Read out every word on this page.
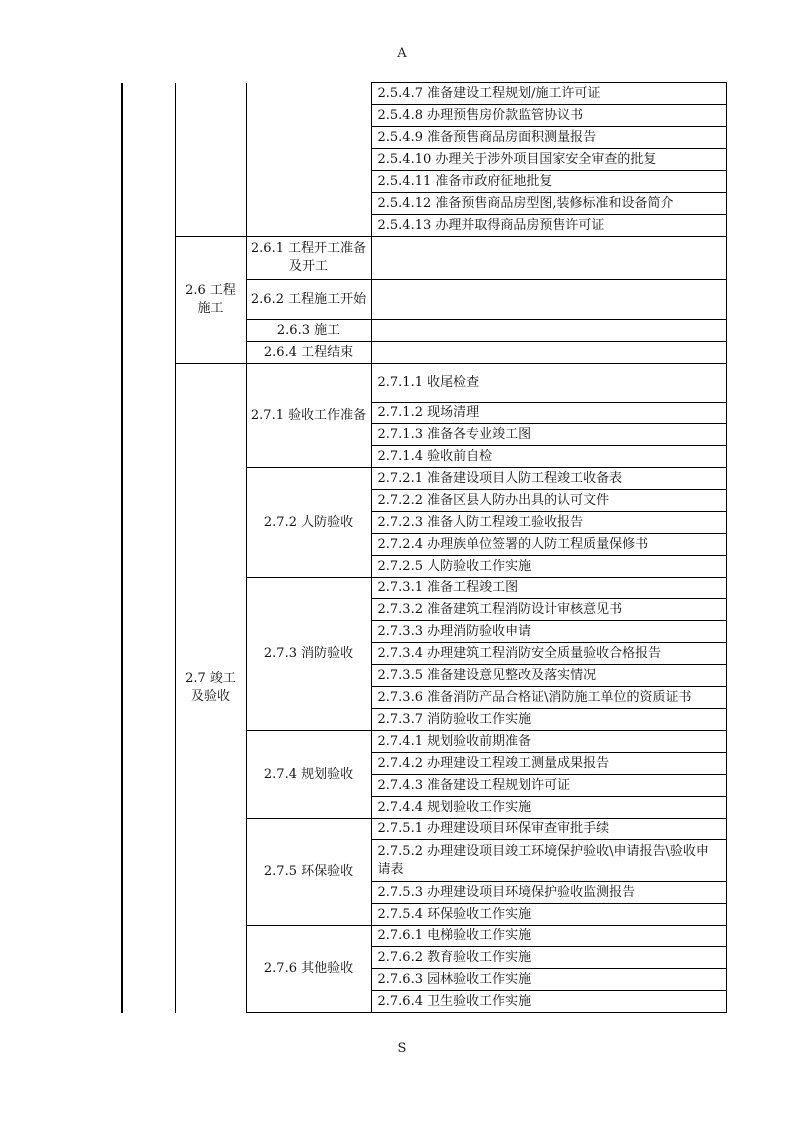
A
			2.5.4.7 准备建设工程规划/施工许可证
			2.5.4.8 办理预售房价款监管协议书
			2.5.4.9 准备预售商品房面积测量报告
			2.5.4.10 办理关于涉外项目国家安全审查的批复
			2.5.4.11 准备市政府征地批复
			2.5.4.12 准备预售商品房型图,装修标准和设备简介
			2.5.4.13 办理并取得商品房预售许可证
	2.6 工程施工	2.6.1 工程开工准备及开工	
		2.6.2 工程施工开始	
		2.6.3 施工	
		2.6.4 工程结束	
	2.7 竣工及验收	2.7.1 验收工作准备	2.7.1.1 收尾检查
			2.7.1.2 现场清理
			2.7.1.3 准备各专业竣工图
			2.7.1.4 验收前自检
		2.7.2 人防验收	2.7.2.1 准备建设项目人防工程竣工收备表
			2.7.2.2 准备区县人防办出具的认可文件
			2.7.2.3 准备人防工程竣工验收报告
			2.7.2.4 办理族单位签署的人防工程质量保修书
			2.7.2.5 人防验收工作实施
		2.7.3 消防验收	2.7.3.1 准备工程竣工图
			2.7.3.2 准备建筑工程消防设计审核意见书
			2.7.3.3 办理消防验收申请
			2.7.3.4 办理建筑工程消防安全质量验收合格报告
			2.7.3.5 准备建设意见整改及落实情况
			2.7.3.6 准备消防产品合格证\消防施工单位的资质证书
			2.7.3.7 消防验收工作实施
		2.7.4 规划验收	2.7.4.1 规划验收前期准备
			2.7.4.2 办理建设工程竣工测量成果报告
			2.7.4.3 准备建设工程规划许可证
			2.7.4.4 规划验收工作实施
		2.7.5 环保验收	2.7.5.1 办理建设项目环保审查审批手续
			2.7.5.2 办理建设项目竣工环境保护验收\申请报告\验收申请表
			2.7.5.3 办理建设项目环境保护验收监测报告
			2.7.5.4 环保验收工作实施
		2.7.6 其他验收	2.7.6.1 电梯验收工作实施
			2.7.6.2 教育验收工作实施
			2.7.6.3 园林验收工作实施
			2.7.6.4 卫生验收工作实施
S
